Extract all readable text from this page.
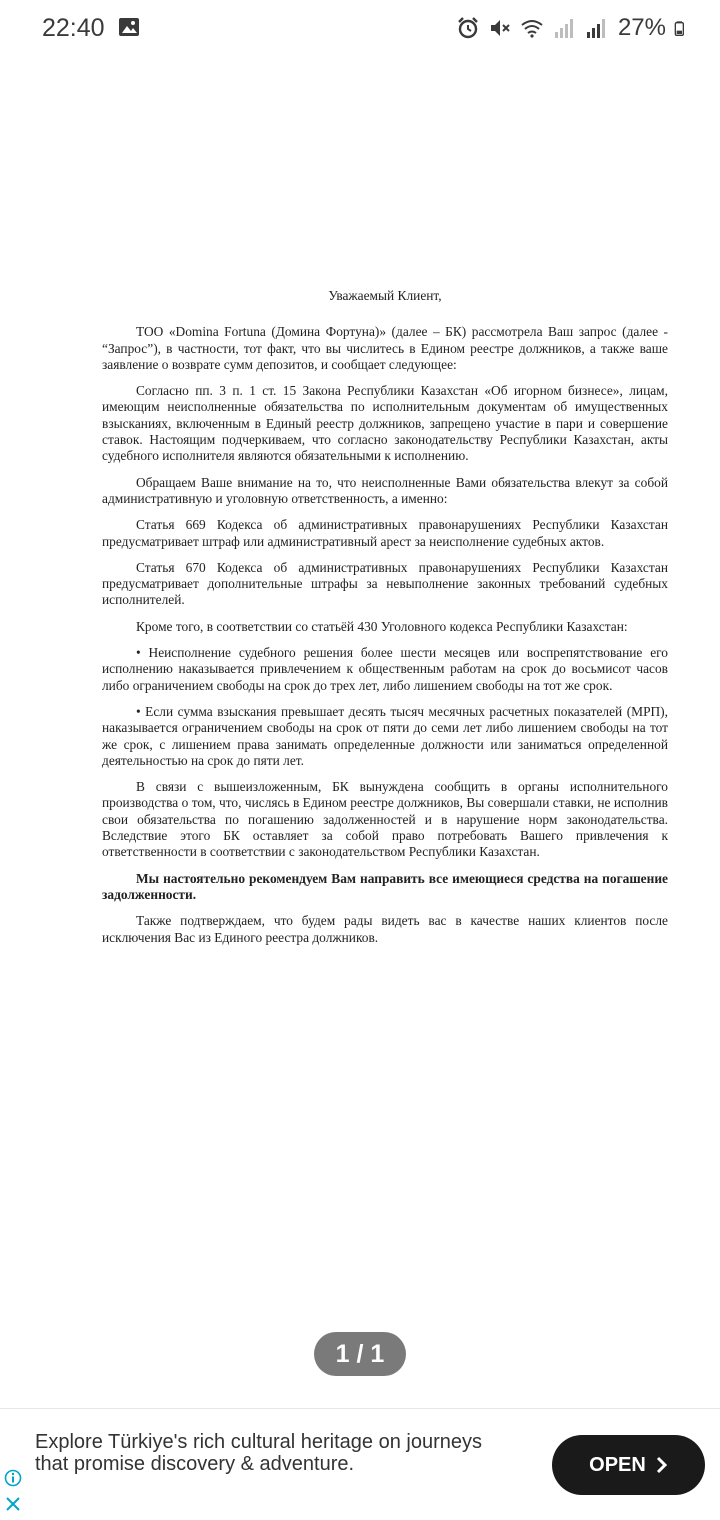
22:40	27%

Уважаемый Клиент,

ТОО «Domina Fortuna (Домина Фортуна)» (далее – БК) рассмотрела Ваш запрос (далее - “Запрос”), в частности, тот факт, что вы числитесь в Едином реестре должников, а также ваше заявление о возврате сумм депозитов, и сообщает следующее:

Согласно пп. 3 п. 1 ст. 15 Закона Республики Казахстан «Об игорном бизнесе», лицам, имеющим неисполненные обязательства по исполнительным документам об имущественных взысканиях, включенным в Единый реестр должников, запрещено участие в пари и совершение ставок. Настоящим подчеркиваем, что согласно законодательству Республики Казахстан, акты судебного исполнителя являются обязательными к исполнению.

Обращаем Ваше внимание на то, что неисполненные Вами обязательства влекут за собой административную и уголовную ответственность, а именно:

Статья 669 Кодекса об административных правонарушениях Республики Казахстан предусматривает штраф или административный арест за неисполнение судебных актов.

Статья 670 Кодекса об административных правонарушениях Республики Казахстан предусматривает дополнительные штрафы за невыполнение законных требований судебных исполнителей.

Кроме того, в соответствии со статьёй 430 Уголовного кодекса Республики Казахстан:

• Неисполнение судебного решения более шести месяцев или воспрепятствование его исполнению наказывается привлечением к общественным работам на срок до восьмисот часов либо ограничением свободы на срок до трех лет, либо лишением свободы на тот же срок.

• Если сумма взыскания превышает десять тысяч месячных расчетных показателей (МРП), наказывается ограничением свободы на срок от пяти до семи лет либо лишением свободы на тот же срок, с лишением права занимать определенные должности или заниматься определенной деятельностью на срок до пяти лет.

В связи с вышеизложенным, БК вынуждена сообщить в органы исполнительного производства о том, что, числясь в Едином реестре должников, Вы совершали ставки, не исполнив свои обязательства по погашению задолженностей и в нарушение норм законодательства. Вследствие этого БК оставляет за собой право потребовать Вашего привлечения к ответственности в соответствии с законодательством Республики Казахстан.

Мы настоятельно рекомендуем Вам направить все имеющиеся средства на погашение задолженности.

Также подтверждаем, что будем рады видеть вас в качестве наших клиентов после исключения Вас из Единого реестра должников.

1 / 1
Explore Türkiye's rich cultural heritage on journeys that promise discovery & adventure.	OPEN
